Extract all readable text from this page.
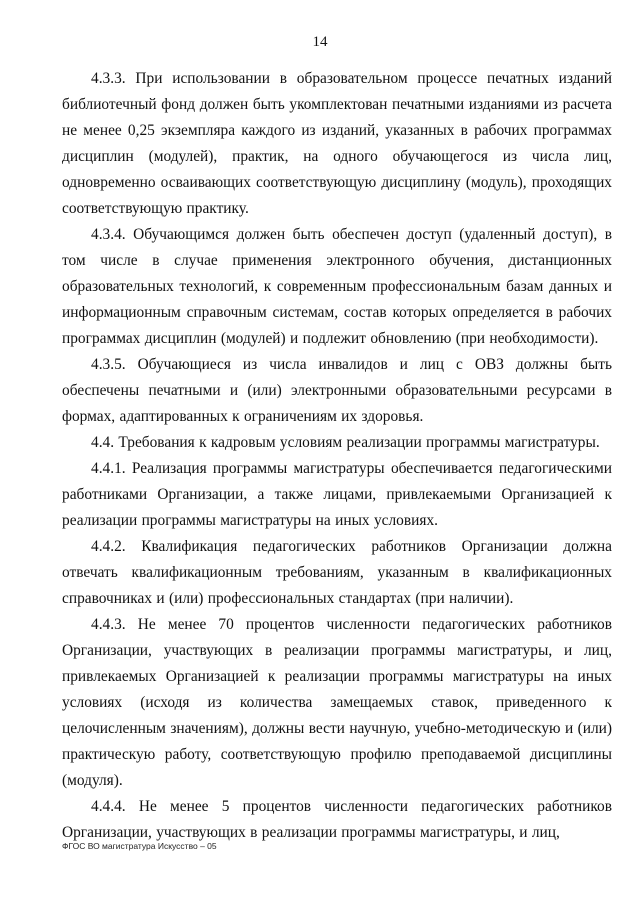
14

4.3.3. При использовании в образовательном процессе печатных изданий библиотечный фонд должен быть укомплектован печатными изданиями из расчета не менее 0,25 экземпляра каждого из изданий, указанных в рабочих программах дисциплин (модулей), практик, на одного обучающегося из числа лиц, одновременно осваивающих соответствующую дисциплину (модуль), проходящих соответствующую практику.

4.3.4. Обучающимся должен быть обеспечен доступ (удаленный доступ), в том числе в случае применения электронного обучения, дистанционных образовательных технологий, к современным профессиональным базам данных и информационным справочным системам, состав которых определяется в рабочих программах дисциплин (модулей) и подлежит обновлению (при необходимости).

4.3.5. Обучающиеся из числа инвалидов и лиц с ОВЗ должны быть обеспечены печатными и (или) электронными образовательными ресурсами в формах, адаптированных к ограничениям их здоровья.

4.4. Требования к кадровым условиям реализации программы магистратуры.

4.4.1. Реализация программы магистратуры обеспечивается педагогическими работниками Организации, а также лицами, привлекаемыми Организацией к реализации программы магистратуры на иных условиях.

4.4.2. Квалификация педагогических работников Организации должна отвечать квалификационным требованиям, указанным в квалификационных справочниках и (или) профессиональных стандартах (при наличии).

4.4.3. Не менее 70 процентов численности педагогических работников Организации, участвующих в реализации программы магистратуры, и лиц, привлекаемых Организацией к реализации программы магистратуры на иных условиях (исходя из количества замещаемых ставок, приведенного к целочисленным значениям), должны вести научную, учебно-методическую и (или) практическую работу, соответствующую профилю преподаваемой дисциплины (модуля).

4.4.4. Не менее 5 процентов численности педагогических работников Организации, участвующих в реализации программы магистратуры, и лиц,

ФГОС ВО магистратура Искусство – 05
